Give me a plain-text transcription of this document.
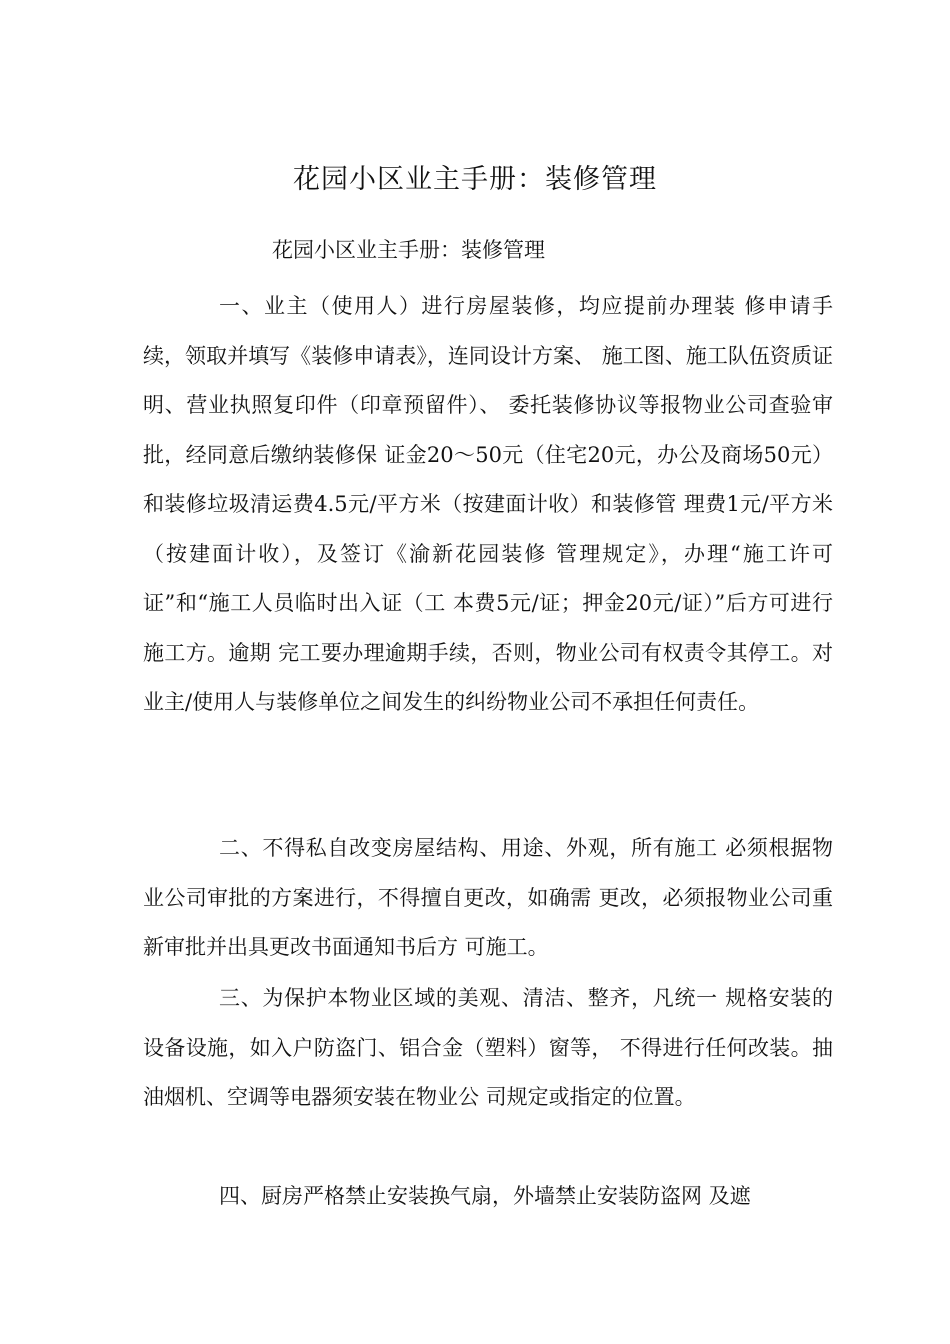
花园小区业主手册：装修管理
花园小区业主手册：装修管理

一、业主（使用人）进行房屋装修，均应提前办理装 修申请手续，领取并填写《装修申请表》，连同设计方案、 施工图、施工队伍资质证明、营业执照复印件（印章预留件）、 委托装修协议等报物业公司查验审批，经同意后缴纳装修保 证金20〜50元（住宅20元，办公及商场50元） 和装修垃圾清运费4.5元/平方米（按建面计收）和装修管 理费1元/平方米（按建面计收），及签订《渝新花园装修 管理规定》，办理“施工许可证”和“施工人员临时出入证（工 本费5元/证；押金20元/证）”后方可进行施工方。逾期 完工要办理逾期手续，否则，物业公司有权责令其停工。对 业主/使用人与装修单位之间发生的纠纷物业公司不承担任何责任。

二、不得私自改变房屋结构、用途、外观，所有施工 必须根据物业公司审批的方案进行，不得擅自更改，如确需 更改，必须报物业公司重新审批并出具更改书面通知书后方 可施工。

三、为保护本物业区域的美观、清洁、整齐，凡统一 规格安装的设备设施，如入户防盗门、铝合金（塑料）窗等， 不得进行任何改装。抽油烟机、空调等电器须安装在物业公 司规定或指定的位置。

四、厨房严格禁止安装换气扇，外墙禁止安装防盗网 及遮
